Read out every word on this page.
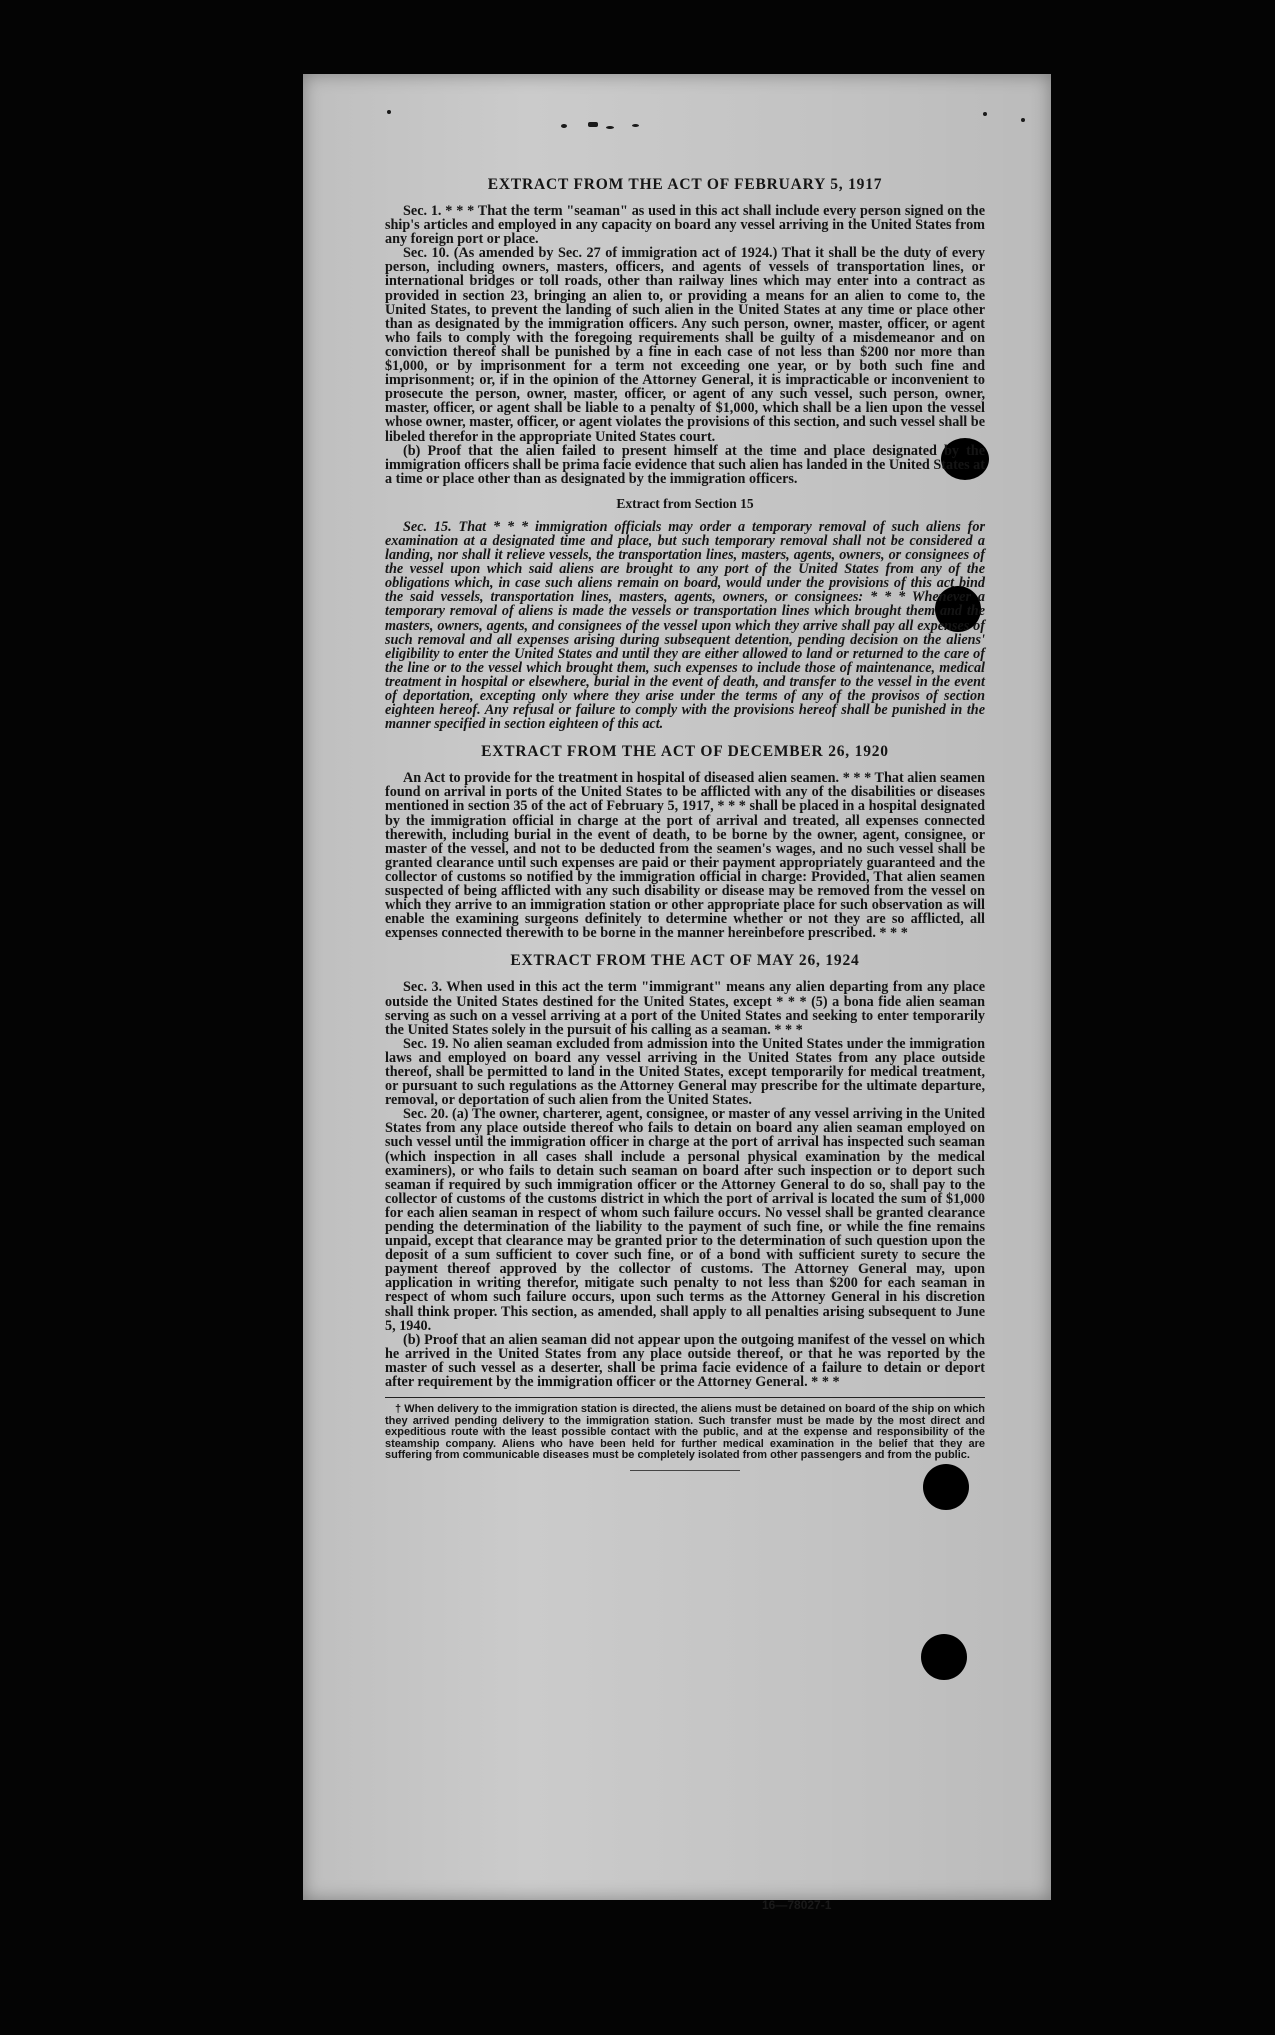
EXTRACT FROM THE ACT OF FEBRUARY 5, 1917

Sec. 1. * * * That the term "seaman" as used in this act shall include every person signed on the ship's articles and employed in any capacity on board any vessel arriving in the United States from any foreign port or place.

Sec. 10. (As amended by Sec. 27 of immigration act of 1924.) That it shall be the duty of every person, including owners, masters, officers, and agents of vessels of transportation lines, or international bridges or toll roads, other than railway lines which may enter into a contract as provided in section 23, bringing an alien to, or providing a means for an alien to come to, the United States, to prevent the landing of such alien in the United States at any time or place other than as designated by the immigration officers. Any such person, owner, master, officer, or agent who fails to comply with the foregoing requirements shall be guilty of a misdemeanor and on conviction thereof shall be punished by a fine in each case of not less than $200 nor more than $1,000, or by imprisonment for a term not exceeding one year, or by both such fine and imprisonment; or, if in the opinion of the Attorney General, it is impracticable or inconvenient to prosecute the person, owner, master, officer, or agent of any such vessel, such person, owner, master, officer, or agent shall be liable to a penalty of $1,000, which shall be a lien upon the vessel whose owner, master, officer, or agent violates the provisions of this section, and such vessel shall be libeled therefor in the appropriate United States court.

(b) Proof that the alien failed to present himself at the time and place designated by the immigration officers shall be prima facie evidence that such alien has landed in the United States at a time or place other than as designated by the immigration officers.

Extract from Section 15

Sec. 15. That * * * immigration officials may order a temporary removal of such aliens for examination at a designated time and place, but such temporary removal shall not be considered a landing, nor shall it relieve vessels, the transportation lines, masters, agents, owners, or consignees of the vessel upon which said aliens are brought to any port of the United States from any of the obligations which, in case such aliens remain on board, would under the provisions of this act bind the said vessels, transportation lines, masters, agents, owners, or consignees: * * * Whenever a temporary removal of aliens is made the vessels or transportation lines which brought them and the masters, owners, agents, and consignees of the vessel upon which they arrive shall pay all expenses of such removal and all expenses arising during subsequent detention, pending decision on the aliens' eligibility to enter the United States and until they are either allowed to land or returned to the care of the line or to the vessel which brought them, such expenses to include those of maintenance, medical treatment in hospital or elsewhere, burial in the event of death, and transfer to the vessel in the event of deportation, excepting only where they arise under the terms of any of the provisos of section eighteen hereof. Any refusal or failure to comply with the provisions hereof shall be punished in the manner specified in section eighteen of this act.

EXTRACT FROM THE ACT OF DECEMBER 26, 1920

An Act to provide for the treatment in hospital of diseased alien seamen. * * * That alien seamen found on arrival in ports of the United States to be afflicted with any of the disabilities or diseases mentioned in section 35 of the act of February 5, 1917, * * * shall be placed in a hospital designated by the immigration official in charge at the port of arrival and treated, all expenses connected therewith, including burial in the event of death, to be borne by the owner, agent, consignee, or master of the vessel, and not to be deducted from the seamen's wages, and no such vessel shall be granted clearance until such expenses are paid or their payment appropriately guaranteed and the collector of customs so notified by the immigration official in charge: Provided, That alien seamen suspected of being afflicted with any such disability or disease may be removed from the vessel on which they arrive to an immigration station or other appropriate place for such observation as will enable the examining surgeons definitely to determine whether or not they are so afflicted, all expenses connected therewith to be borne in the manner hereinbefore prescribed. * * *

EXTRACT FROM THE ACT OF MAY 26, 1924

Sec. 3. When used in this act the term "immigrant" means any alien departing from any place outside the United States destined for the United States, except * * * (5) a bona fide alien seaman serving as such on a vessel arriving at a port of the United States and seeking to enter temporarily the United States solely in the pursuit of his calling as a seaman. * * *

Sec. 19. No alien seaman excluded from admission into the United States under the immigration laws and employed on board any vessel arriving in the United States from any place outside thereof, shall be permitted to land in the United States, except temporarily for medical treatment, or pursuant to such regulations as the Attorney General may prescribe for the ultimate departure, removal, or deportation of such alien from the United States.

Sec. 20. (a) The owner, charterer, agent, consignee, or master of any vessel arriving in the United States from any place outside thereof who fails to detain on board any alien seaman employed on such vessel until the immigration officer in charge at the port of arrival has inspected such seaman (which inspection in all cases shall include a personal physical examination by the medical examiners), or who fails to detain such seaman on board after such inspection or to deport such seaman if required by such immigration officer or the Attorney General to do so, shall pay to the collector of customs of the customs district in which the port of arrival is located the sum of $1,000 for each alien seaman in respect of whom such failure occurs. No vessel shall be granted clearance pending the determination of the liability to the payment of such fine, or while the fine remains unpaid, except that clearance may be granted prior to the determination of such question upon the deposit of a sum sufficient to cover such fine, or of a bond with sufficient surety to secure the payment thereof approved by the collector of customs. The Attorney General may, upon application in writing therefor, mitigate such penalty to not less than $200 for each seaman in respect of whom such failure occurs, upon such terms as the Attorney General in his discretion shall think proper. This section, as amended, shall apply to all penalties arising subsequent to June 5, 1940.

(b) Proof that an alien seaman did not appear upon the outgoing manifest of the vessel on which he arrived in the United States from any place outside thereof, or that he was reported by the master of such vessel as a deserter, shall be prima facie evidence of a failure to detain or deport after requirement by the immigration officer or the Attorney General. * * *

† When delivery to the immigration station is directed, the aliens must be detained on board of the ship on which they arrived pending delivery to the immigration station. Such transfer must be made by the most direct and expeditious route with the least possible contact with the public, and at the expense and responsibility of the steamship company. Aliens who have been held for further medical examination in the belief that they are suffering from communicable diseases must be completely isolated from other passengers and from the public.

16—78027-1
